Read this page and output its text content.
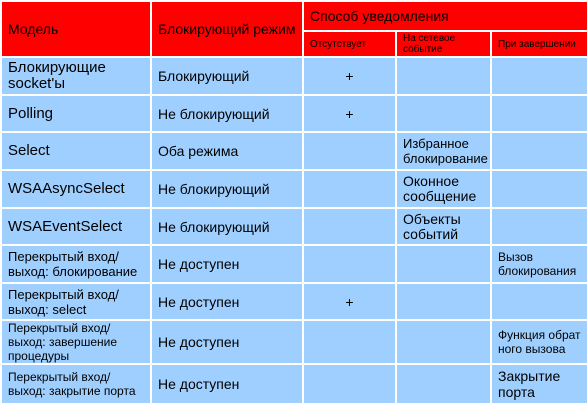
Модель	Блокирующий режим	Способ уведомления		
		Отсутствует	На сетевое событие	При завершении
Блокирующие socket'ы	Блокирующий	+		
Polling	Не блокирующий	+		
Select	Оба режима		Избранное блокирование	
WSAAsyncSelect	Не блокирующий		Оконное сообщение	
WSAEventSelect	Не блокирующий		Объекты событий	
Перекрытый вход/ выход: блокирование	Не доступен			Вызов блокирования
Перекрытый вход/ выход: select	Не доступен	+		
Перекрытый вход/выход: завершение процедуры	Не доступен			Функция обрат ного вызова
Перекрытый вход/ выход: закрытие порта	Не доступен			Закрытие порта
